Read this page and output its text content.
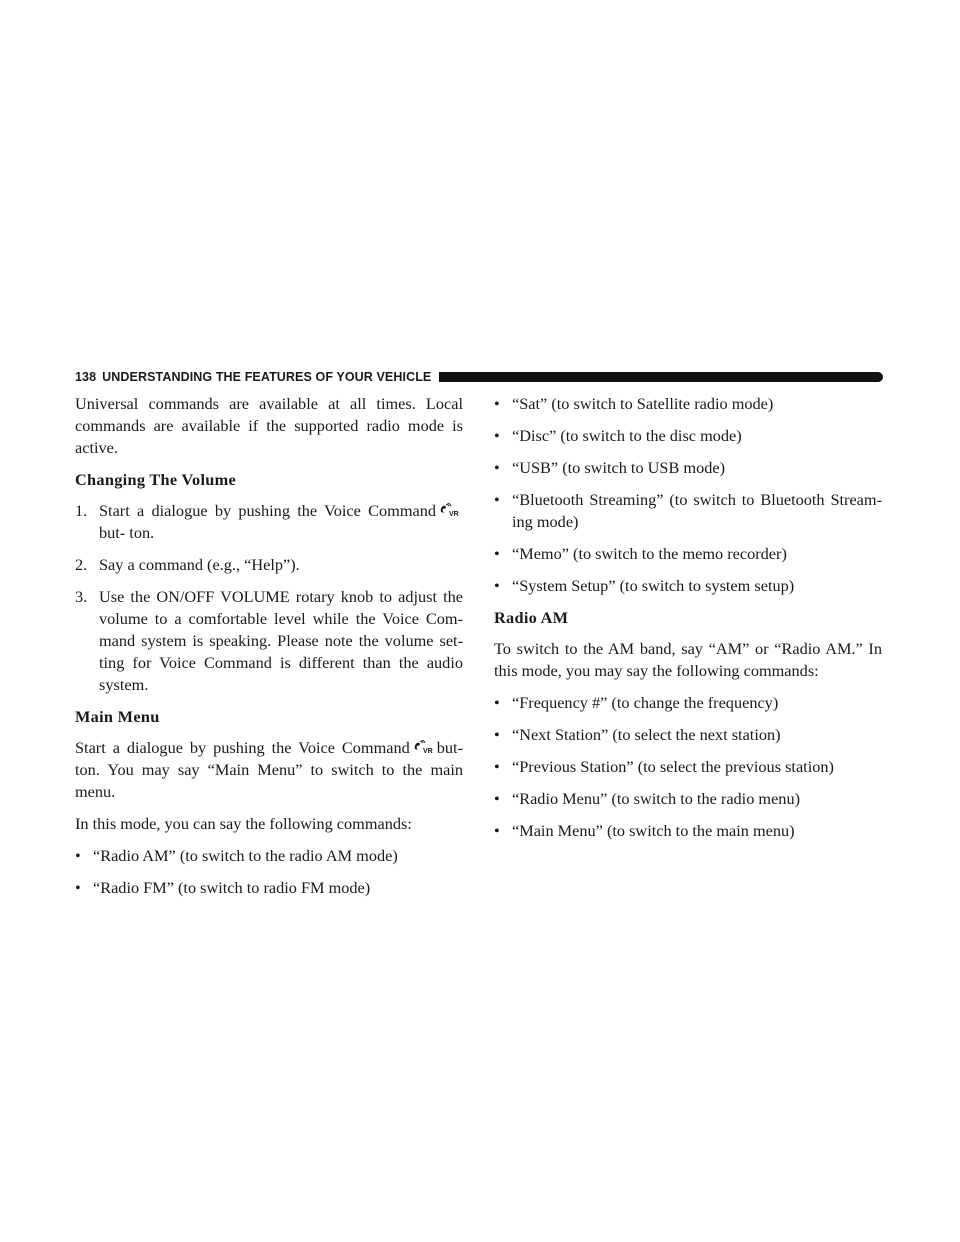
138 UNDERSTANDING THE FEATURES OF YOUR VEHICLE

Universal commands are available at all times. Local commands are available if the supported radio mode is active.

Changing The Volume
1. Start a dialogue by pushing the Voice Command VR
but- ton.
2. Say a command (e.g., “Help”).
3. Use the ON/OFF VOLUME rotary knob to adjust the volume to a comfortable level while the Voice Com- mand system is speaking. Please note the volume set- ting for Voice Command is different than the audio system.
Main Menu

Start a dialogue by pushing the Voice Command VR but- ton. You may say “Main Menu” to switch to the main menu.

In this mode, you can say the following commands:

• “Radio AM” (to switch to the radio AM mode)
• “Radio FM” (to switch to radio FM mode)
• “Sat” (to switch to Satellite radio mode)
• “Disc” (to switch to the disc mode)
• “USB” (to switch to USB mode)
• “Bluetooth Streaming” (to switch to Bluetooth Stream- ing mode)
• “Memo” (to switch to the memo recorder)
• “System Setup” (to switch to system setup)
Radio AM

To switch to the AM band, say “AM” or “Radio AM.” In this mode, you may say the following commands:

• “Frequency #” (to change the frequency)
• “Next Station” (to select the next station)
• “Previous Station” (to select the previous station)
• “Radio Menu” (to switch to the radio menu)
• “Main Menu” (to switch to the main menu)
